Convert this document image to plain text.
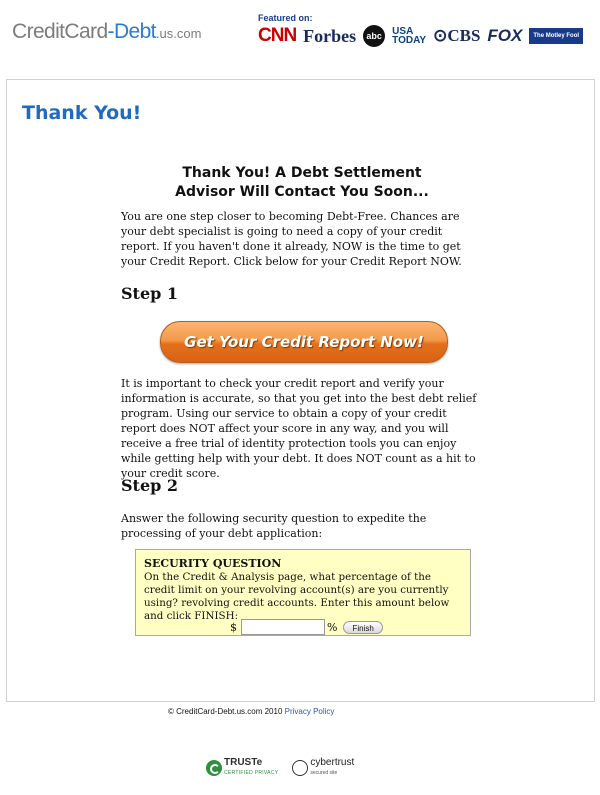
CreditCard-Debt.us.com
Featured on:
CNN Forbes	abc	USA
TODAY ⊙CBS FOX	The Motley Fool
Thank You!
Thank You! A Debt Settlement
Advisor Will Contact You Soon...

You are one step closer to becoming Debt-Free. Chances are your debt specialist is going to need a copy of your credit report. If you haven't done it already, NOW is the time to get your Credit Report. Click below for your Credit Report NOW.

Step 1

Get Your Credit Report Now!

It is important to check your credit report and verify your information is accurate, so that you get into the best debt relief program. Using our service to obtain a copy of your credit report does NOT affect your score in any way, and you will receive a free trial of identity protection tools you can enjoy while getting help with your debt. It does NOT count as a hit to your credit score.

Step 2

Answer the following security question to expedite the processing of your debt application:

SECURITY QUESTION
On the Credit & Analysis page, what percentage of the credit limit on your revolving account(s) are you currently using? revolving credit accounts. Enter this amount below and click FINISH:
$	%	Finish
© CreditCard-Debt.us.com 2010 Privacy Policy
TRUSTe
CERTIFIED PRIVACY
cybertrust
secured site
